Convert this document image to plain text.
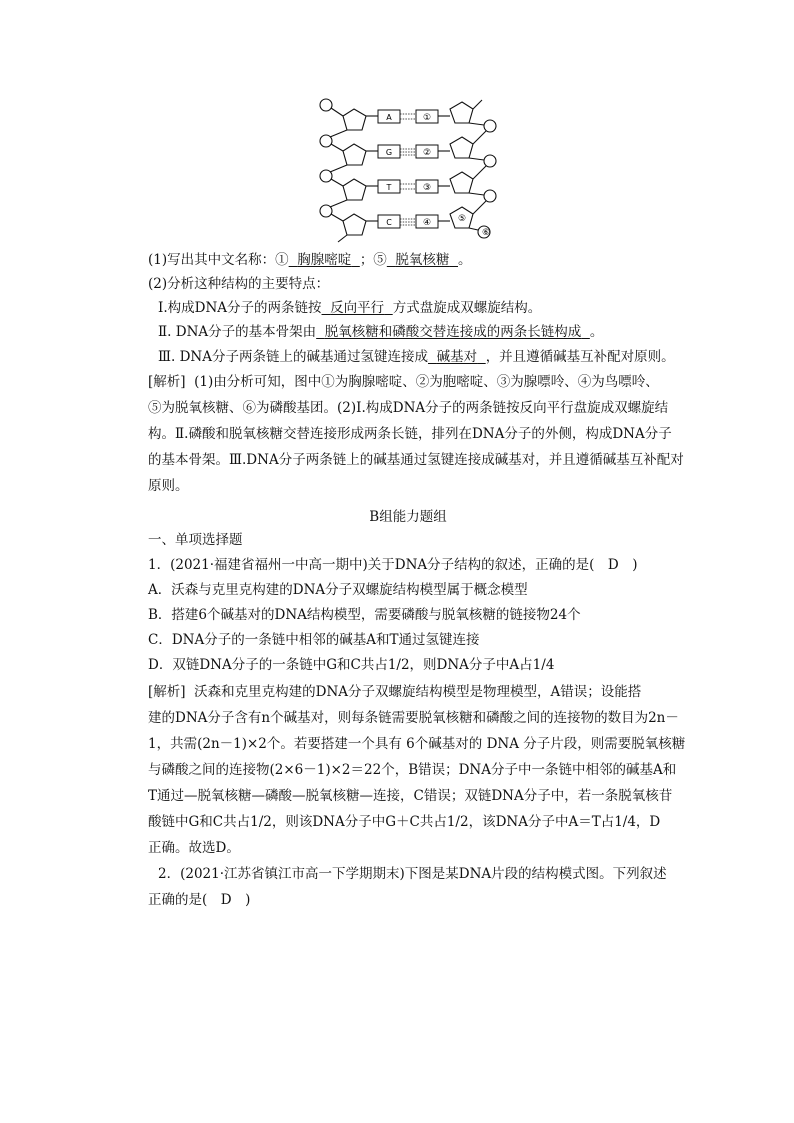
A
G
T
C
①
②
③
④	⑤
⑥
(1)写出其中文名称：① 胸腺嘧啶 ；⑤ 脱氧核糖 。
(2)分析这种结构的主要特点：
Ⅰ.构成DNA分子的两条链按 反向平行 方式盘旋成双螺旋结构。
Ⅱ. DNA分子的基本骨架由 脱氧核糖和磷酸交替连接成的两条长链构成 。
Ⅲ. DNA分子两条链上的碱基通过氢键连接成 碱基对 ，并且遵循碱基互补配对原则。
[解析] (1)由分析可知，图中①为胸腺嘧啶、②为胞嘧啶、③为腺嘌呤、④为鸟嘌呤、
⑤为脱氧核糖、⑥为磷酸基团。(2)Ⅰ.构成DNA分子的两条链按反向平行盘旋成双螺旋结
构。Ⅱ.磷酸和脱氧核糖交替连接形成两条长链，排列在DNA分子的外侧，构成DNA分子
的基本骨架。Ⅲ.DNA分子两条链上的碱基通过氢键连接成碱基对，并且遵循碱基互补配对
原则。
B组能力题组
一、单项选择题
1．(2021·福建省福州一中高一期中)关于DNA分子结构的叙述，正确的是(　D　)
A．沃森与克里克构建的DNA分子双螺旋结构模型属于概念模型
B．搭建6个碱基对的DNA结构模型，需要磷酸与脱氧核糖的链接物24个
C．DNA分子的一条链中相邻的碱基A和T通过氢键连接
D．双链DNA分子的一条链中G和C共占1/2，则DNA分子中A占1/4
[解析] 沃森和克里克构建的DNA分子双螺旋结构模型是物理模型，A错误；设能搭
建的DNA分子含有n个碱基对，则每条链需要脱氧核糖和磷酸之间的连接物的数目为2n－
1，共需(2n－1)×2个。若要搭建一个具有 6个碱基对的 DNA 分子片段，则需要脱氧核糖
与磷酸之间的连接物(2×6－1)×2＝22个，B错误；DNA分子中一条链中相邻的碱基A和
T通过—脱氧核糖—磷酸—脱氧核糖—连接，C错误；双链DNA分子中，若一条脱氧核苷
酸链中G和C共占1/2，则该DNA分子中G＋C共占1/2，该DNA分子中A＝T占1/4，D
正确。故选D。
2．(2021·江苏省镇江市高一下学期期末)下图是某DNA片段的结构模式图。下列叙述
正确的是(　D　)
